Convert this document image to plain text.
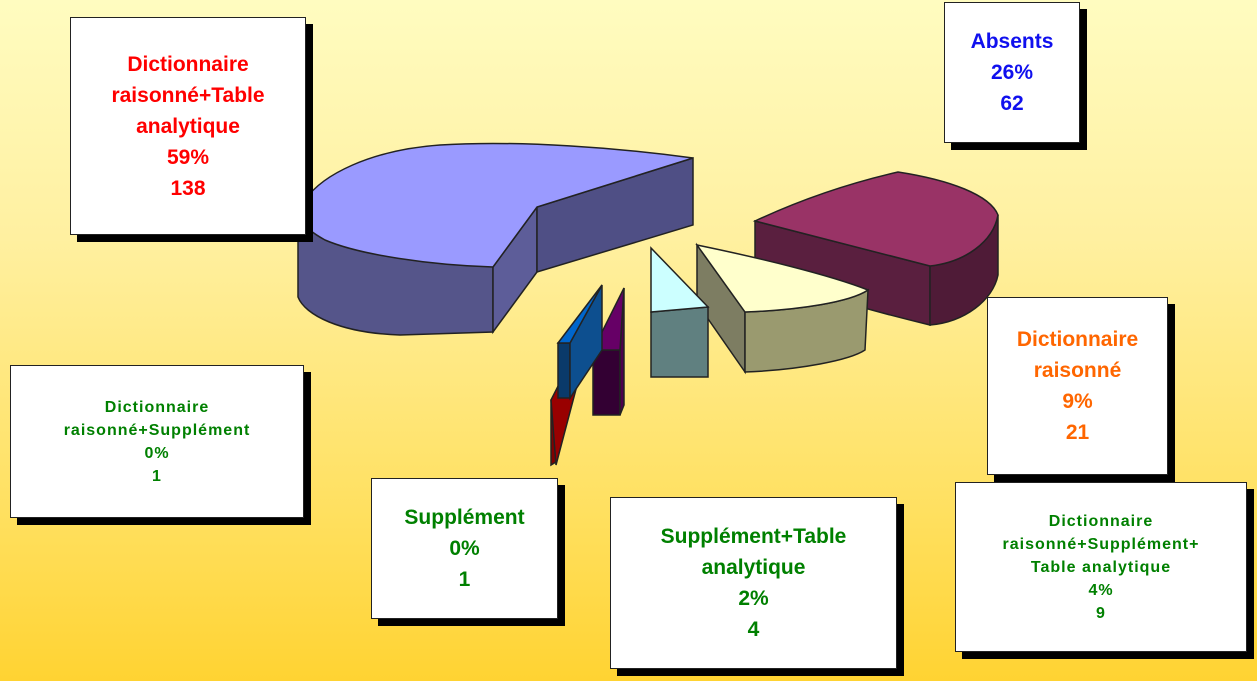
Dictionnaire
raisonné+Table
analytique
59%
138
Absents
26%
62
Dictionnaire
raisonné
9%
21
Dictionnaire
raisonné+Supplément+
Table analytique
4%
9
Supplément+Table
analytique
2%
4
Supplément
0%
1
Dictionnaire
raisonné+Supplément
0%
1
